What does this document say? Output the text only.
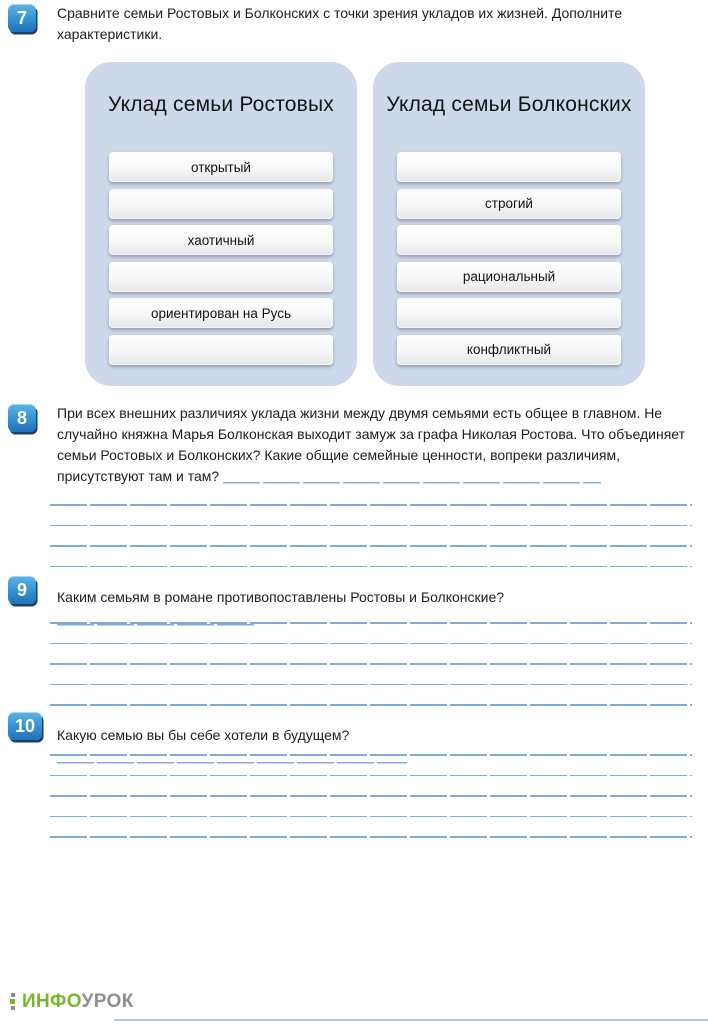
7	Сравните семьи Ростовых и Болконских с точки зрения укладов их жизней. Дополните характеристики.

Уклад семьи Ростовых
открытый
хаотичный
ориентирован на Русь
Уклад семьи Болконских
строгий
рациональный
конфликтный
8	При всех внешних различиях уклада жизни между двумя семьями есть общее в главном. Не случайно княжна Марья Болконская выходит замуж за графа Николая Ростова. Что объединяет семьи Ростовых и Болконских? Какие общие семейные ценности, вопреки различиям, присутствуют там и там?

9	Каким семьям в романе противопоставлены Ростовы и Болконские?

10	Какую семью вы бы себе хотели в будущем?

ИНФОУРОК
